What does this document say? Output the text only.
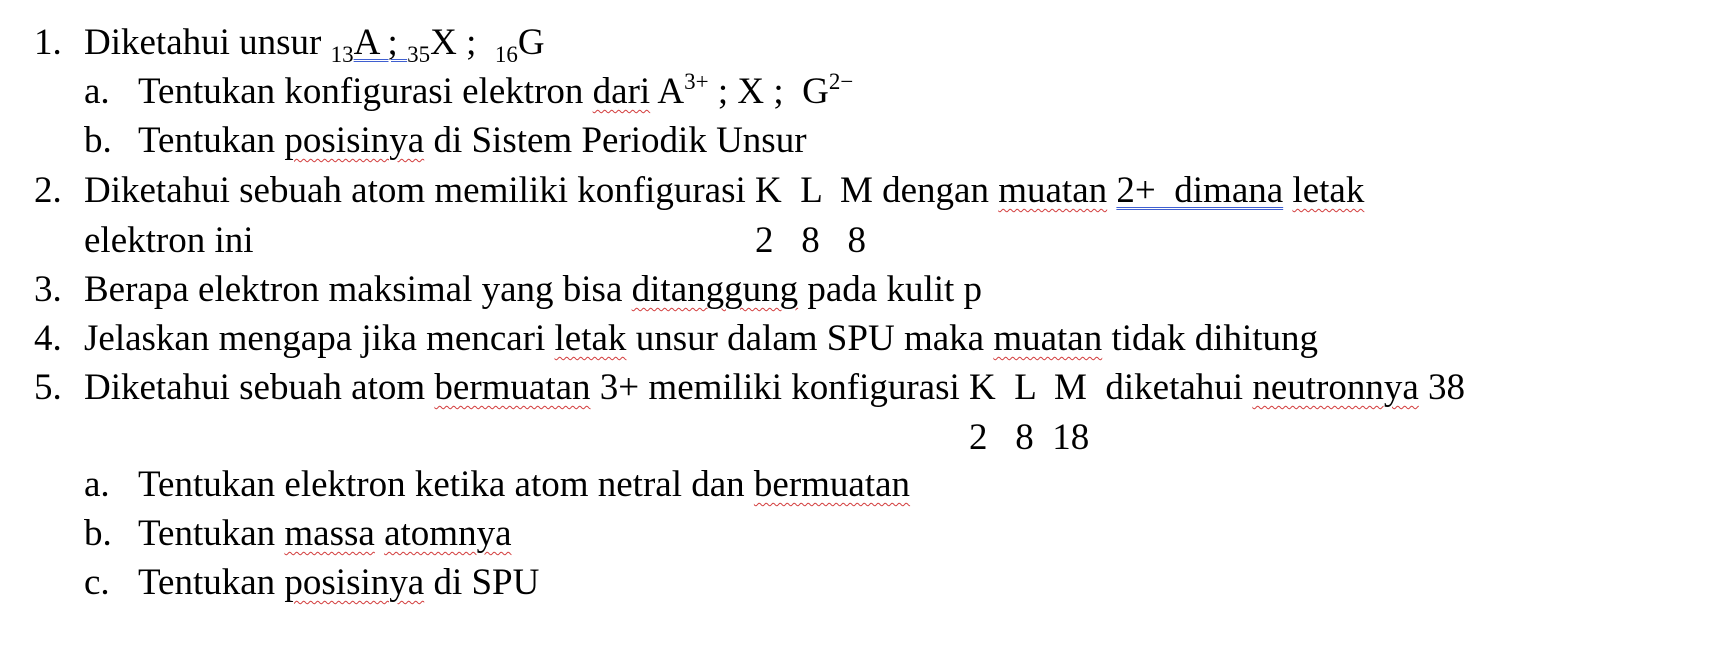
1. Diketahui unsur $_{13}$A ; $_{35}$X ;  $_{16}$G
a. Tentukan konfigurasi elektron dari $A^{3+}$ ; X ;  $G^{2-}$
b. Tentukan posisinya di Sistem Periodik Unsur
2. Diketahui sebuah atom memiliki konfigurasi K  L  M
2   8   8
dengan muatan 2+  dimana letak
elektron ini
3. Berapa elektron maksimal yang bisa ditanggung pada kulit p
4. Jelaskan mengapa jika mencari letak unsur dalam SPU maka muatan tidak dihitung
5. Diketahui sebuah atom bermuatan 3+ memiliki konfigurasi K  L  M
2   8  18
diketahui neutronnya 38
a. Tentukan elektron ketika atom netral dan bermuatan
b. Tentukan massa atomnya
c. Tentukan posisinya di SPU
